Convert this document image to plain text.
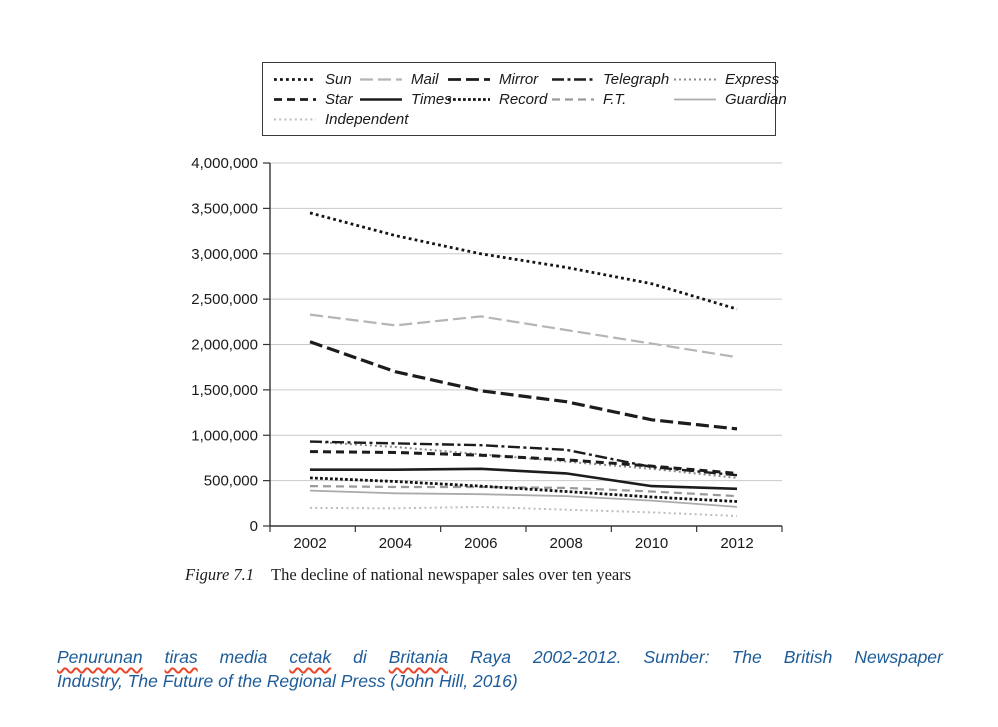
Sun	Mail	Mirror	Telegraph	Express
Star	Times	Record	F.T.	Guardian
Independent
4,000,000
3,500,000
3,000,000
2,500,000
2,000,000
1,500,000
1,000,000
500,000
0
2002	2004	2006	2008	2010	2012
Figure 7.1 The decline of national newspaper sales over ten years
Penurunan tiras media cetak di Britania Raya 2002-2012. Sumber: The British Newspaper
Industry, The Future of the Regional Press (John Hill, 2016)
